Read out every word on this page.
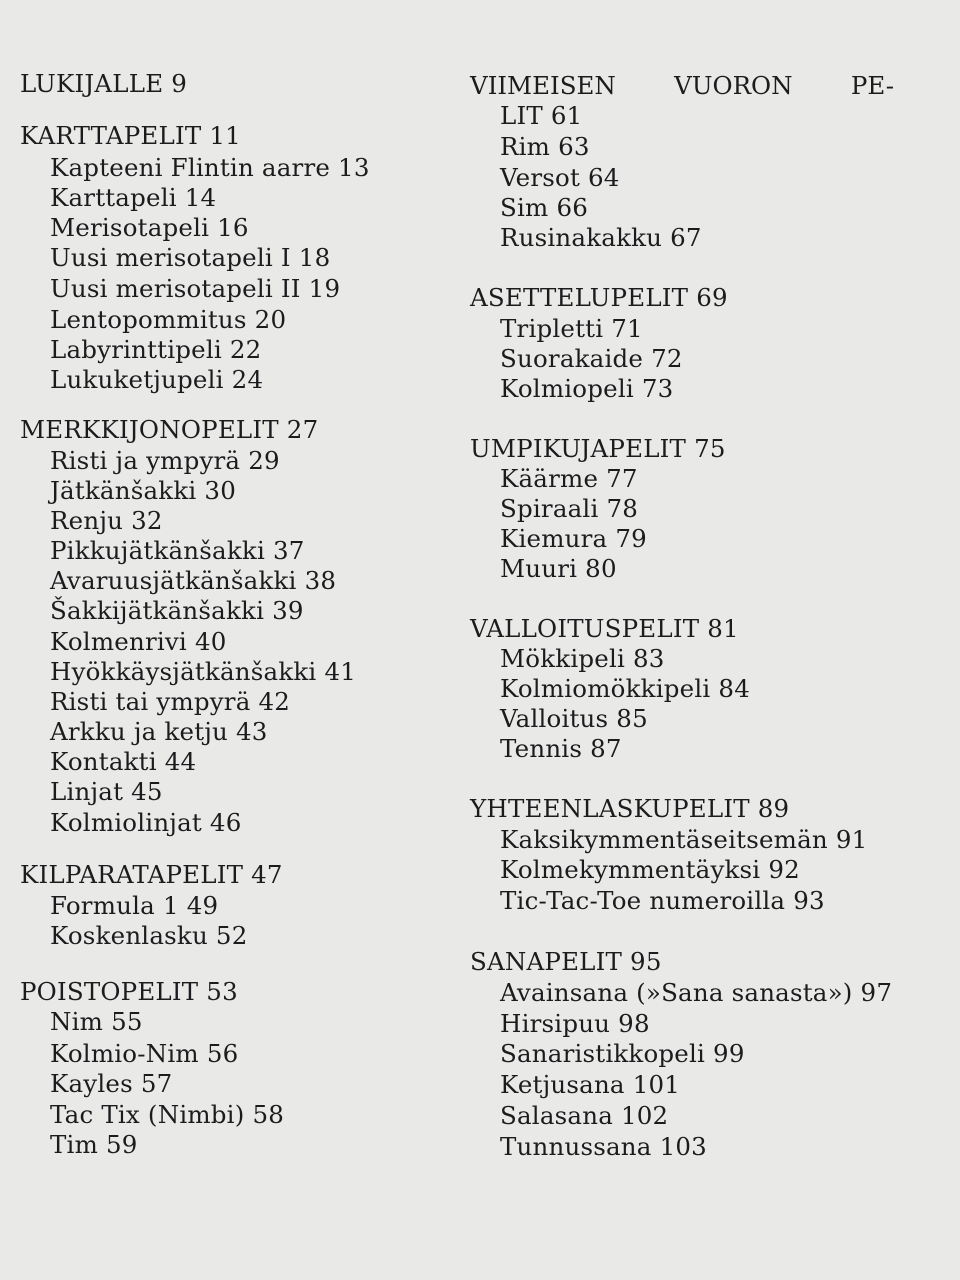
LUKIJALLE 9
KARTTAPELIT 11
Kapteeni Flintin aarre 13
Karttapeli 14
Merisotapeli 16
Uusi merisotapeli I 18
Uusi merisotapeli II 19
Lentopommitus 20
Labyrinttipeli 22
Lukuketjupeli 24
MERKKIJONOPELIT 27
Risti ja ympyrä 29
Jätkänšakki 30
Renju 32
Pikkujätkänšakki 37
Avaruusjätkänšakki 38
Šakkijätkänšakki 39
Kolmenrivi 40
Hyökkäysjätkänšakki 41
Risti tai ympyrä 42
Arkku ja ketju 43
Kontakti 44
Linjat 45
Kolmiolinjat 46
KILPARATAPELIT 47
Formula 1 49
Koskenlasku 52
POISTOPELIT 53
Nim 55
Kolmio-Nim 56
Kayles 57
Tac Tix (Nimbi) 58
Tim 59
VIIMEISEN VUORON PE-
LIT 61
Rim 63
Versot 64
Sim 66
Rusinakakku 67
ASETTELUPELIT 69
Tripletti 71
Suorakaide 72
Kolmiopeli 73
UMPIKUJAPELIT 75
Käärme 77
Spiraali 78
Kiemura 79
Muuri 80
VALLOITUSPELIT 81
Mökkipeli 83
Kolmiomökkipeli 84
Valloitus 85
Tennis 87
YHTEENLASKUPELIT 89
Kaksikymmentäseitsemän 91
Kolmekymmentäyksi 92
Tic-Tac-Toe numeroilla 93
SANAPELIT 95
Avainsana (»Sana sanasta») 97
Hirsipuu 98
Sanaristikkopeli 99
Ketjusana 101
Salasana 102
Tunnussana 103
